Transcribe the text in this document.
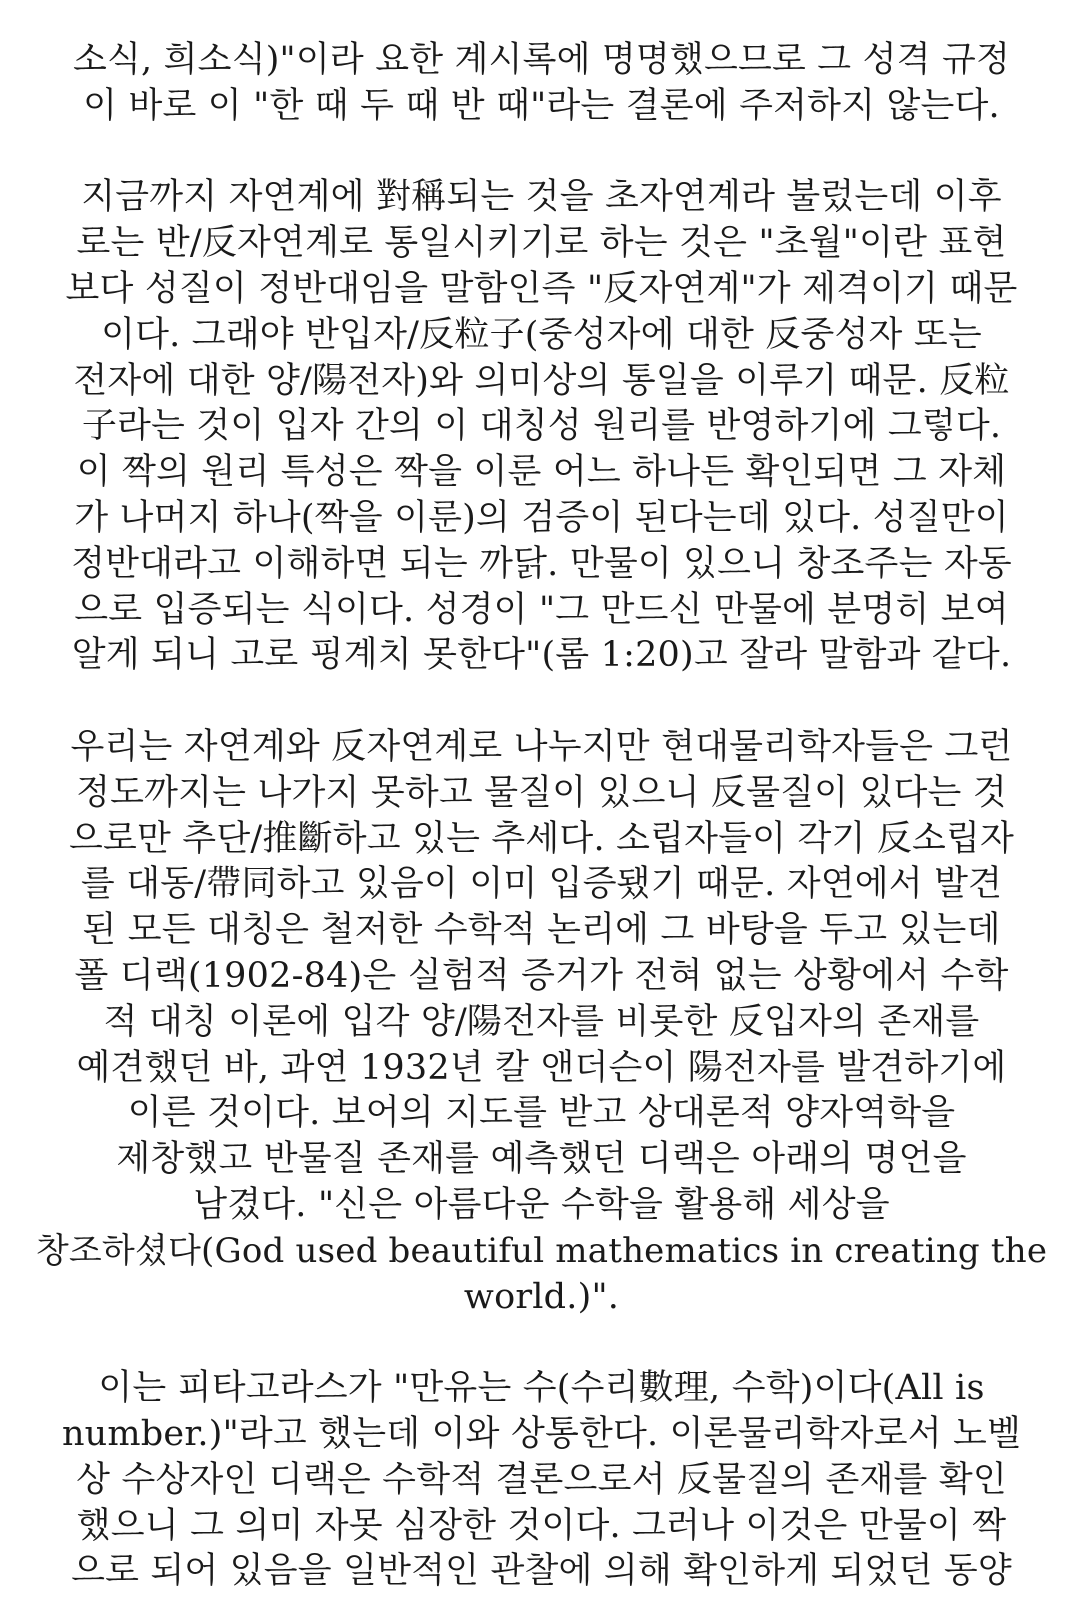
소식, 희소식)"이라 요한 계시록에 명명했으므로 그 성격 규정
이 바로 이 "한 때 두 때 반 때"라는 결론에 주저하지 않는다.
지금까지 자연계에 對稱되는 것을 초자연계라 불렀는데 이후
로는 반/反자연계로 통일시키기로 하는 것은 "초월"이란 표현
보다 성질이 정반대임을 말함인즉 "反자연계"가 제격이기 때문
이다. 그래야 반입자/反粒子(중성자에 대한 反중성자 또는
전자에 대한 양/陽전자)와 의미상의 통일을 이루기 때문. 反粒
子라는 것이 입자 간의 이 대칭성 원리를 반영하기에 그렇다.
이 짝의 원리 특성은 짝을 이룬 어느 하나든 확인되면 그 자체
가 나머지 하나(짝을 이룬)의 검증이 된다는데 있다. 성질만이
정반대라고 이해하면 되는 까닭. 만물이 있으니 창조주는 자동
으로 입증되는 식이다. 성경이 "그 만드신 만물에 분명히 보여
알게 되니 고로 핑계치 못한다"(롬 1:20)고 잘라 말함과 같다.
우리는 자연계와 反자연계로 나누지만 현대물리학자들은 그런
정도까지는 나가지 못하고 물질이 있으니 反물질이 있다는 것
으로만 추단/推斷하고 있는 추세다. 소립자들이 각기 反소립자
를 대동/帶同하고 있음이 이미 입증됐기 때문. 자연에서 발견
된 모든 대칭은 철저한 수학적 논리에 그 바탕을 두고 있는데
폴 디랙(1902-84)은 실험적 증거가 전혀 없는 상황에서 수학
적 대칭 이론에 입각 양/陽전자를 비롯한 反입자의 존재를
예견했던 바, 과연 1932년 칼 앤더슨이 陽전자를 발견하기에
이른 것이다. 보어의 지도를 받고 상대론적 양자역학을
제창했고 반물질 존재를 예측했던 디랙은 아래의 명언을
남겼다. "신은 아름다운 수학을 활용해 세상을
창조하셨다(God used beautiful mathematics in creating the
world.)".
이는 피타고라스가 "만유는 수(수리數理, 수학)이다(All is
number.)"라고 했는데 이와 상통한다. 이론물리학자로서 노벨
상 수상자인 디랙은 수학적 결론으로서 反물질의 존재를 확인
했으니 그 의미 자못 심장한 것이다. 그러나 이것은 만물이 짝
으로 되어 있음을 일반적인 관찰에 의해 확인하게 되었던 동양
